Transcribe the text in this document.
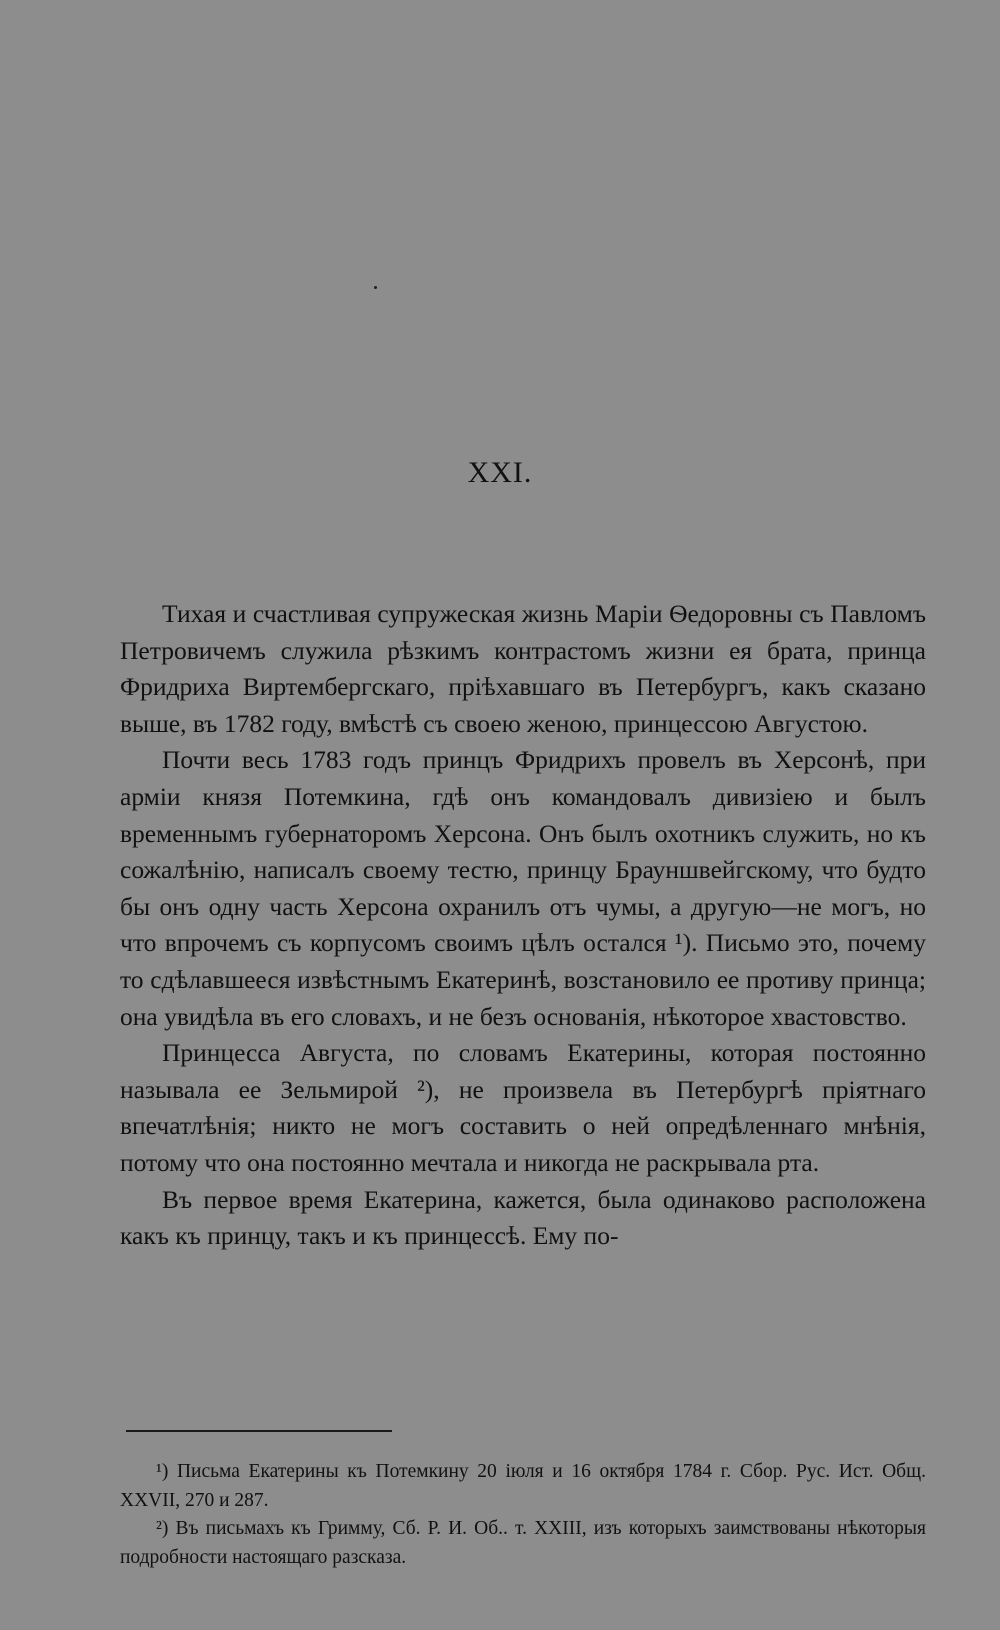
XXI.

Тихая и счастливая супружеская жизнь Маріи Ѳедоровны съ Павломъ Петровичемъ служила рѣзкимъ контрастомъ жизни ея брата, принца Фридриха Виртембергскаго, пріѣхавшаго въ Петербургъ, какъ сказано выше, въ 1782 году, вмѣстѣ съ своею женою, принцессою Августою.

Почти весь 1783 годъ принцъ Фридрихъ провелъ въ Херсонѣ, при арміи князя Потемкина, гдѣ онъ командовалъ дивизіею и былъ временнымъ губернаторомъ Херсона. Онъ былъ охотникъ служить, но къ сожалѣнію, написалъ своему тестю, принцу Брауншвейгскому, что будто бы онъ одну часть Херсона охранилъ отъ чумы, а другую—не могъ, но что впрочемъ съ корпусомъ своимъ цѣлъ остался ¹). Письмо это, почему то сдѣлавшееся извѣстнымъ Екатеринѣ, возстановило ее противу принца; она увидѣла въ его словахъ, и не безъ основанія, нѣкоторое хвастовство.

Принцесса Августа, по словамъ Екатерины, которая постоянно называла ее Зельмирой ²), не произвела въ Петербургѣ пріятнаго впечатлѣнія; никто не могъ составить о ней опредѣленнаго мнѣнія, потому что она постоянно мечтала и никогда не раскрывала рта.

Въ первое время Екатерина, кажется, была одинаково расположена какъ къ принцу, такъ и къ принцессѣ. Ему по-

¹) Письма Екатерины къ Потемкину 20 іюля и 16 октября 1784 г. Сбор. Рус. Ист. Общ. XXVII, 270 и 287.

²) Въ письмахъ къ Гримму, Сб. Р. И. Об.. т. XXIII, изъ которыхъ заимствованы нѣкоторыя подробности настоящаго разсказа.
